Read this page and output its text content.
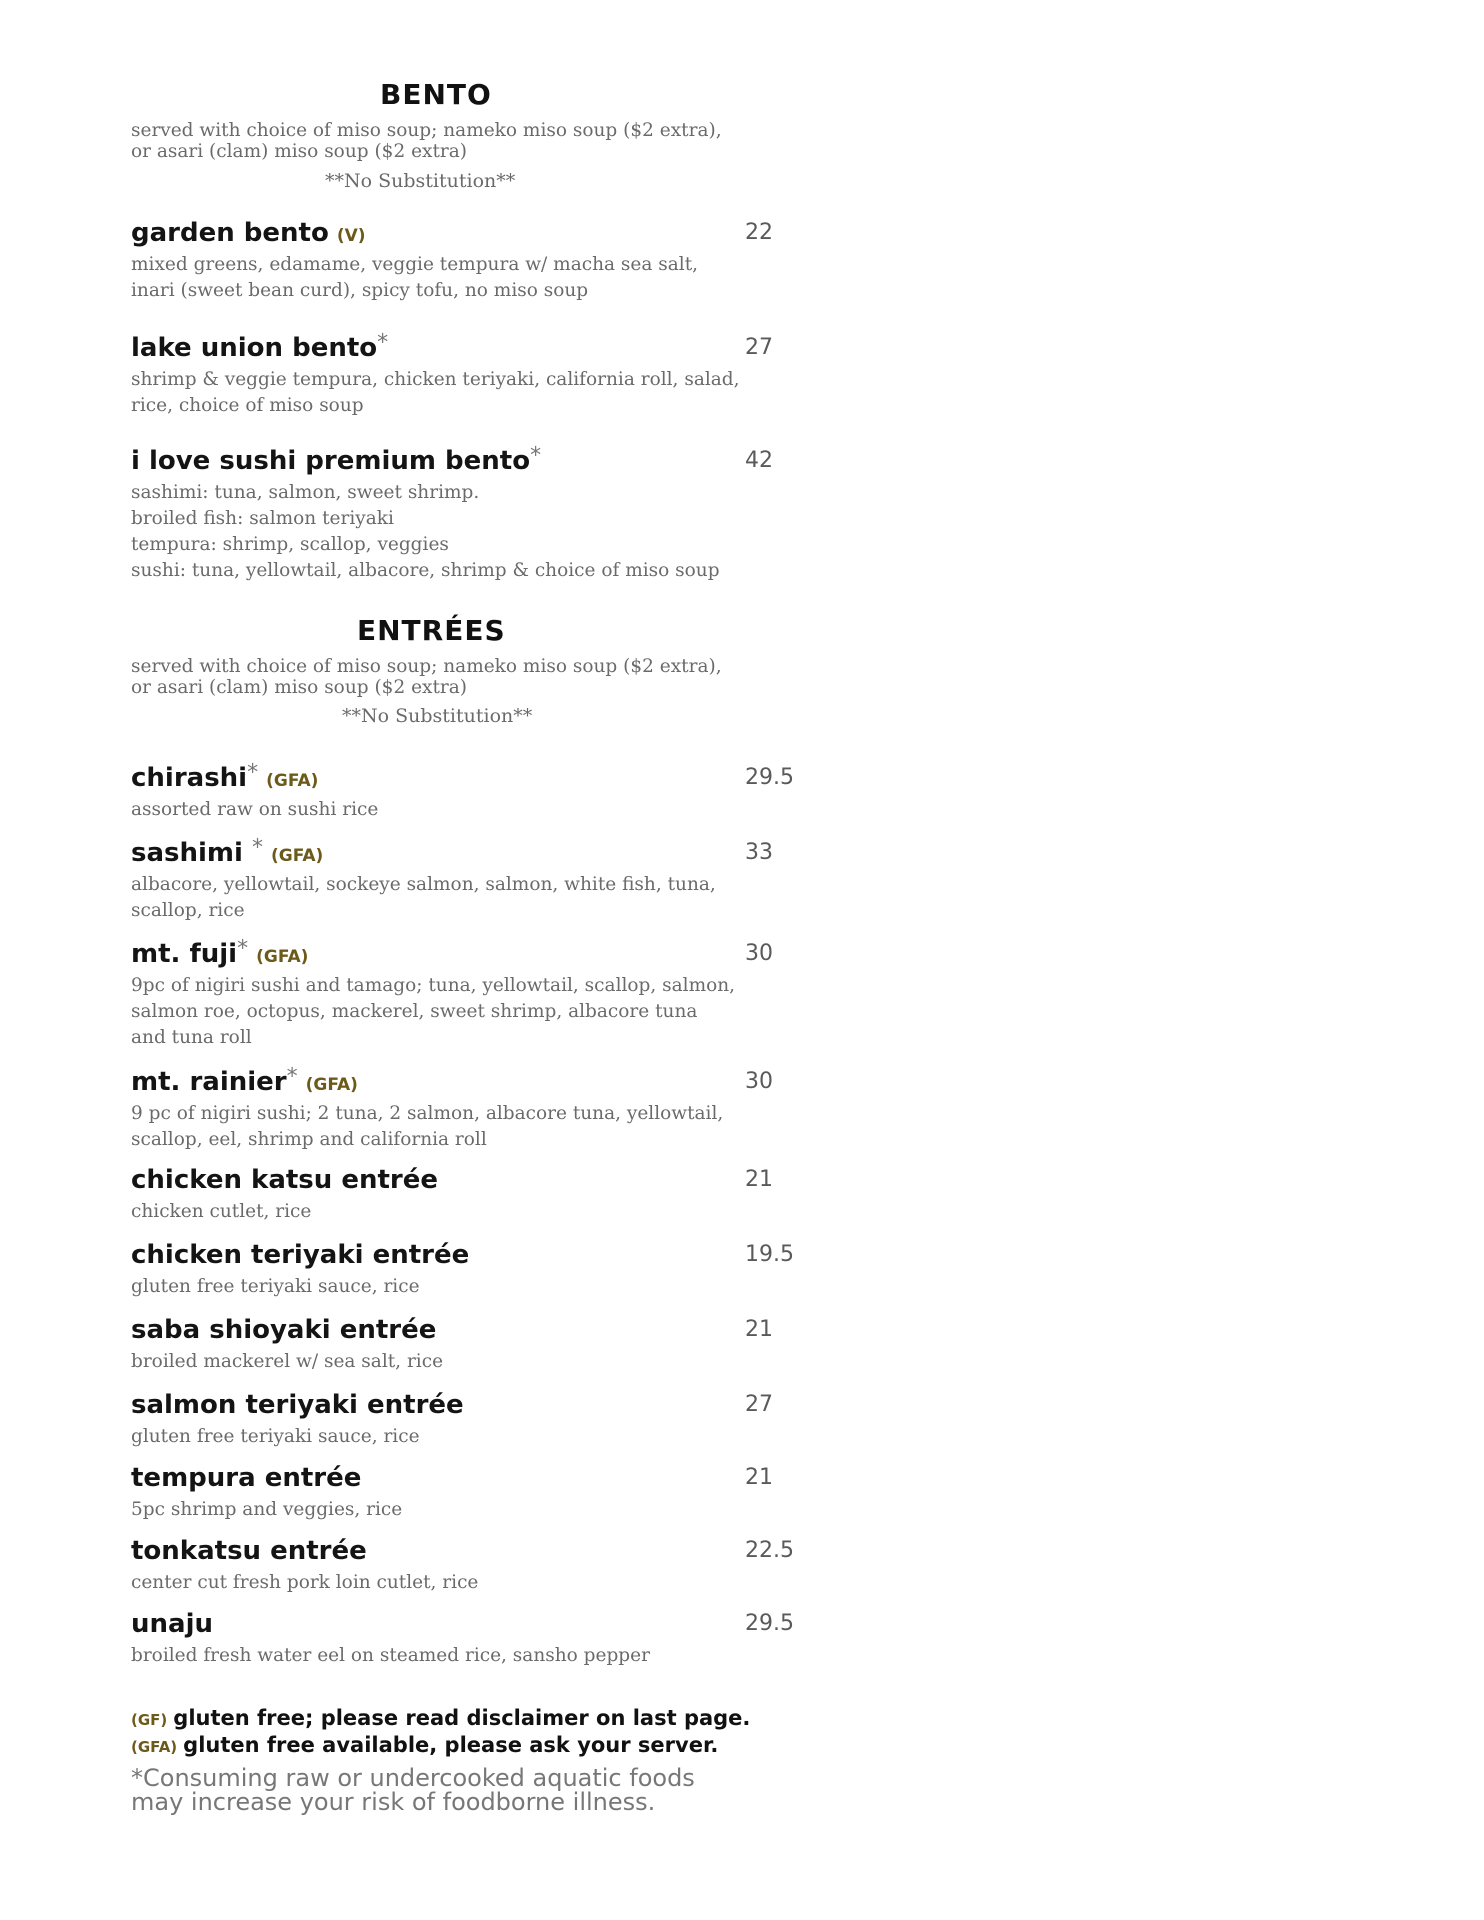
BENTO

served with choice of miso soup; nameko miso soup ($2 extra),
or asari (clam) miso soup ($2 extra)

**No Substitution**
garden bento (V)	22

mixed greens, edamame, veggie tempura w/ macha sea salt,
inari (sweet bean curd), spicy tofu, no miso soup

lake union bento*	27

shrimp & veggie tempura, chicken teriyaki, california roll, salad,
rice, choice of miso soup

i love sushi premium bento*	42

sashimi: tuna, salmon, sweet shrimp.
broiled fish: salmon teriyaki
tempura: shrimp, scallop, veggies
sushi: tuna, yellowtail, albacore, shrimp & choice of miso soup

ENTRÉES

served with choice of miso soup; nameko miso soup ($2 extra),
or asari (clam) miso soup ($2 extra)

**No Substitution**
chirashi* (GFA)	29.5

assorted raw on sushi rice

sashimi * (GFA)	33

albacore, yellowtail, sockeye salmon, salmon, white fish, tuna,
scallop, rice

mt. fuji* (GFA)	30

9pc of nigiri sushi and tamago; tuna, yellowtail, scallop, salmon,
salmon roe, octopus, mackerel, sweet shrimp, albacore tuna
and tuna roll

mt. rainier* (GFA)	30

9 pc of nigiri sushi; 2 tuna, 2 salmon, albacore tuna, yellowtail,
scallop, eel, shrimp and california roll

chicken katsu entrée	21

chicken cutlet, rice

chicken teriyaki entrée	19.5

gluten free teriyaki sauce, rice

saba shioyaki entrée	21

broiled mackerel w/ sea salt, rice

salmon teriyaki entrée	27

gluten free teriyaki sauce, rice

tempura entrée	21

5pc shrimp and veggies, rice

tonkatsu entrée	22.5

center cut fresh pork loin cutlet, rice

unaju	29.5

broiled fresh water eel on steamed rice, sansho pepper

(GF) gluten free; please read disclaimer on last page.
(GFA) gluten free available, please ask your server.
*Consuming raw or undercooked aquatic foods
may increase your risk of foodborne illness.
